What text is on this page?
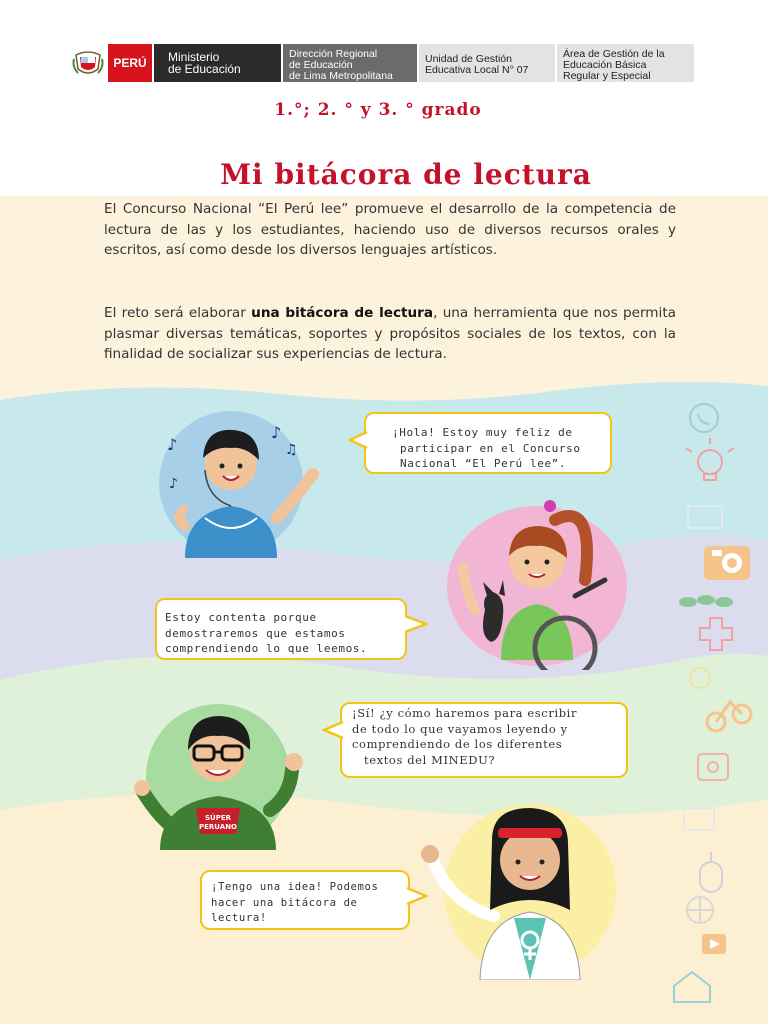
PERÚ	Ministerio
de Educación
Dirección Regional
de Educación
de Lima Metropolitana
Unidad de Gestión
Educativa Local N° 07
Área de Gestión de la
Educación Básica
Regular y Especial
1.°; 2. ° y 3. ° grado
Mi bitácora de lectura

El Concurso Nacional “El Perú lee” promueve el desarrollo de la competencia de lectura de las y los estudiantes, haciendo uso de diversos recursos orales y escritos, así como desde los diversos lenguajes artísticos.

El reto será elaborar una bitácora de lectura, una herramienta que nos permita plasmar diversas temáticas, soportes y propósitos sociales de los textos, con la finalidad de socializar sus experiencias de lectura.

♪
♪
♫
♪
SÚPER
PERUANO
¡Hola! Estoy muy feliz de
participar en el Concurso
Nacional “El Perú lee”.
Estoy contenta porque
demostraremos que estamos
comprendiendo lo que leemos.
¡Sí! ¿y cómo haremos para escribir
de todo lo que vayamos leyendo y
comprendiendo de los diferentes
textos del MINEDU?
¡Tengo una idea! Podemos
hacer una bitácora de
lectura!
